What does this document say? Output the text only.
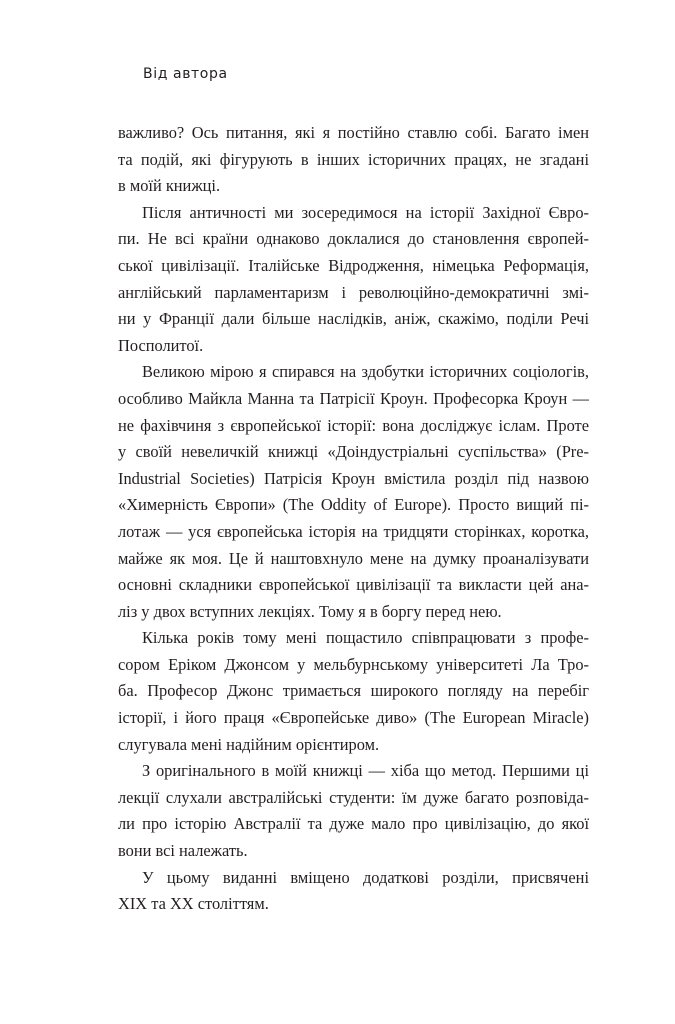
Від автора
важливо? Ось питання, які я постійно ставлю собі. Багато імен
та подій, які фігурують в інших історичних працях, не згадані
в моїй книжці.
Після античності ми зосередимося на історії Західної Євро-
пи. Не всі країни однаково доклалися до становлення європей-
ської цивілізації. Італійське Відродження, німецька Реформація,
англійський парламентаризм і революційно-демократичні змі-
ни у Франції дали більше наслідків, аніж, скажімо, поділи Речі
Посполитої.
Великою мірою я спирався на здобутки історичних соціологів,
особливо Майкла Манна та Патрісії Кроун. Професорка Кроун —
не фахівчиня з європейської історії: вона досліджує іслам. Проте
у своїй невеличкій книжці «Доіндустріальні суспільства» (Pre-
Industrial Societies) Патрісія Кроун вмістила розділ під назвою
«Химерність Європи» (The Oddity of Europe). Просто вищий пі-
лотаж — уся європейська історія на тридцяти сторінках, коротка,
майже як моя. Це й наштовхнуло мене на думку проаналізувати
основні складники європейської цивілізації та викласти цей ана-
ліз у двох вступних лекціях. Тому я в боргу перед нею.
Кілька років тому мені пощастило співпрацювати з профе-
сором Еріком Джонсом у мельбурнському університеті Ла Тро-
ба. Професор Джонс тримається широкого погляду на перебіг
історії, і його праця «Європейське диво» (The European Miracle)
слугувала мені надійним орієнтиром.
З оригінального в моїй книжці — хіба що метод. Першими ці
лекції слухали австралійські студенти: їм дуже багато розповіда-
ли про історію Австралії та дуже мало про цивілізацію, до якої
вони всі належать.
У цьому виданні вміщено додаткові розділи, присвячені
XIX та XX століттям.
